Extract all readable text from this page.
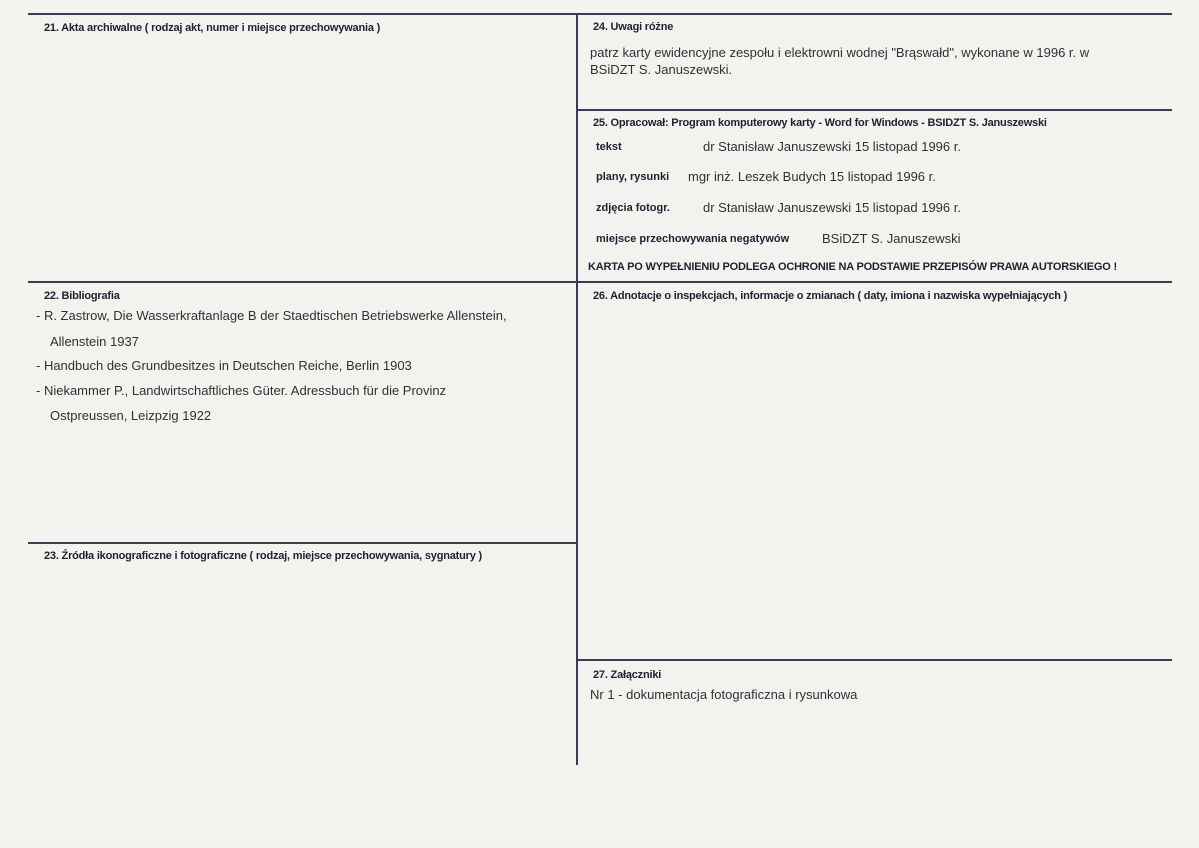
21. Akta archiwalne ( rodzaj akt, numer i miejsce przechowywania )
22. Bibliografia
- R. Zastrow, Die Wasserkraftanlage B der Staedtischen Betriebswerke Allenstein,
Allenstein 1937
- Handbuch des Grundbesitzes in Deutschen Reiche, Berlin 1903
- Niekammer P., Landwirtschaftliches Güter. Adressbuch für die Provinz
Ostpreussen, Leizpzig 1922
23. Źródła ikonograficzne i fotograficzne ( rodzaj, miejsce przechowywania, sygnatury )
24. Uwagi różne
patrz karty ewidencyjne zespołu i elektrowni wodnej "Brąswałd", wykonane w 1996 r. w
BSiDZT S. Januszewski.
25. Opracował: Program komputerowy karty - Word for Windows - BSIDZT S. Januszewski
tekst	dr Stanisław Januszewski 15 listopad 1996 r.
plany, rysunki mgr inż. Leszek Budych 15 listopad 1996 r.
zdjęcia fotogr.	dr Stanisław Januszewski 15 listopad 1996 r.
miejsce przechowywania negatywów	BSiDZT S. Januszewski
KARTA PO WYPEŁNIENIU PODLEGA OCHRONIE NA PODSTAWIE PRZEPISÓW PRAWA AUTORSKIEGO !
26. Adnotacje o inspekcjach, informacje o zmianach ( daty, imiona i nazwiska wypełniających )
27. Załączniki
Nr 1 - dokumentacja fotograficzna i rysunkowa
